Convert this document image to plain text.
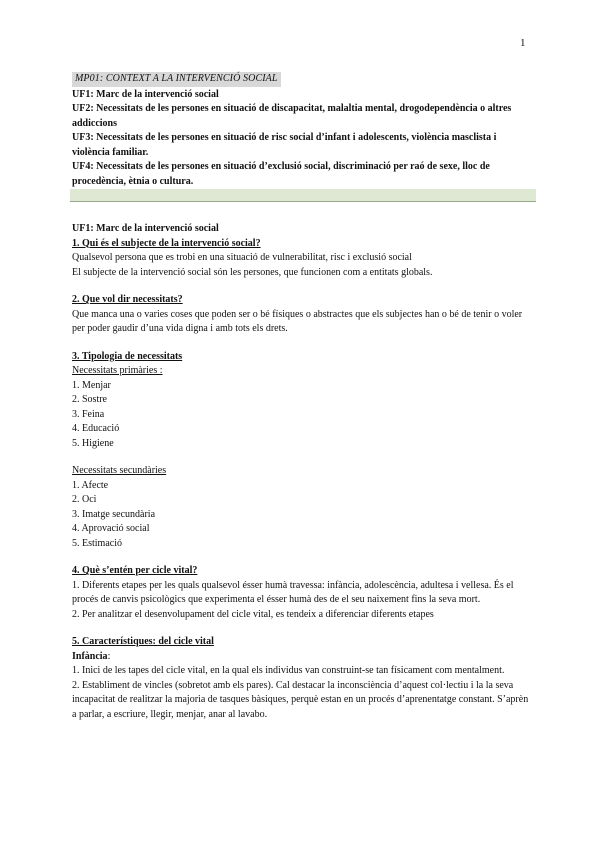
1
MP01: CONTEXT A LA INTERVENCIÓ SOCIAL
UF1: Marc de la intervenció social
UF2: Necessitats de les persones en situació de discapacitat, malaltia mental, drogodependència o altres addiccions
UF3: Necessitats de les persones en situació de risc social d’infant i adolescents, violència masclista i violència familiar.
UF4: Necessitats de les persones en situació d’exclusió social, discriminació per raó de sexe, lloc de procedència, ètnia o cultura.
UF1: Marc de la intervenció social
1. Qui és el subjecte de la intervenció social?

Qualsevol persona que es trobi en una situació de vulnerabilitat, risc i exclusió social

El subjecte de la intervenció social són les persones, que funcionen com a entitats globals.

2. Que vol dir necessitats?

Que manca una o varies coses que poden ser o bé físiques o abstractes que els subjectes han o bé de tenir o voler per poder gaudir d’una vida digna i amb tots els drets.

3. Tipologia de necessitats
Necessitats primàries :
1. Menjar
2. Sostre
3. Feina
4. Educació
5. Higiene
Necessitats secundàries
1. Afecte
2. Oci
3. Imatge secundària
4. Aprovació social
5. Estimació
4. Què s’entén per cicle vital?

1. Diferents etapes per les quals qualsevol ésser humà travessa: infància, adolescència, adultesa i vellesa. És el procés de canvis psicològics que experimenta el ésser humà des de el seu naixement fins la seva mort.

2. Per analitzar el desenvolupament del cicle vital, es tendeix a diferenciar diferents etapes

5. Característiques: del cicle vital
Infància:

1. Inici de les tapes del cicle vital, en la qual els individus van construint-se tan físicament com mentalment.

2. Establiment de vincles (sobretot amb els pares). Cal destacar la inconsciència d’aquest col·lectiu i la la seva incapacitat de realitzar la majoria de tasques bàsiques, perquè estan en un procés d’aprenentatge constant. S’aprèn a parlar, a escriure, llegir, menjar, anar al lavabo.
